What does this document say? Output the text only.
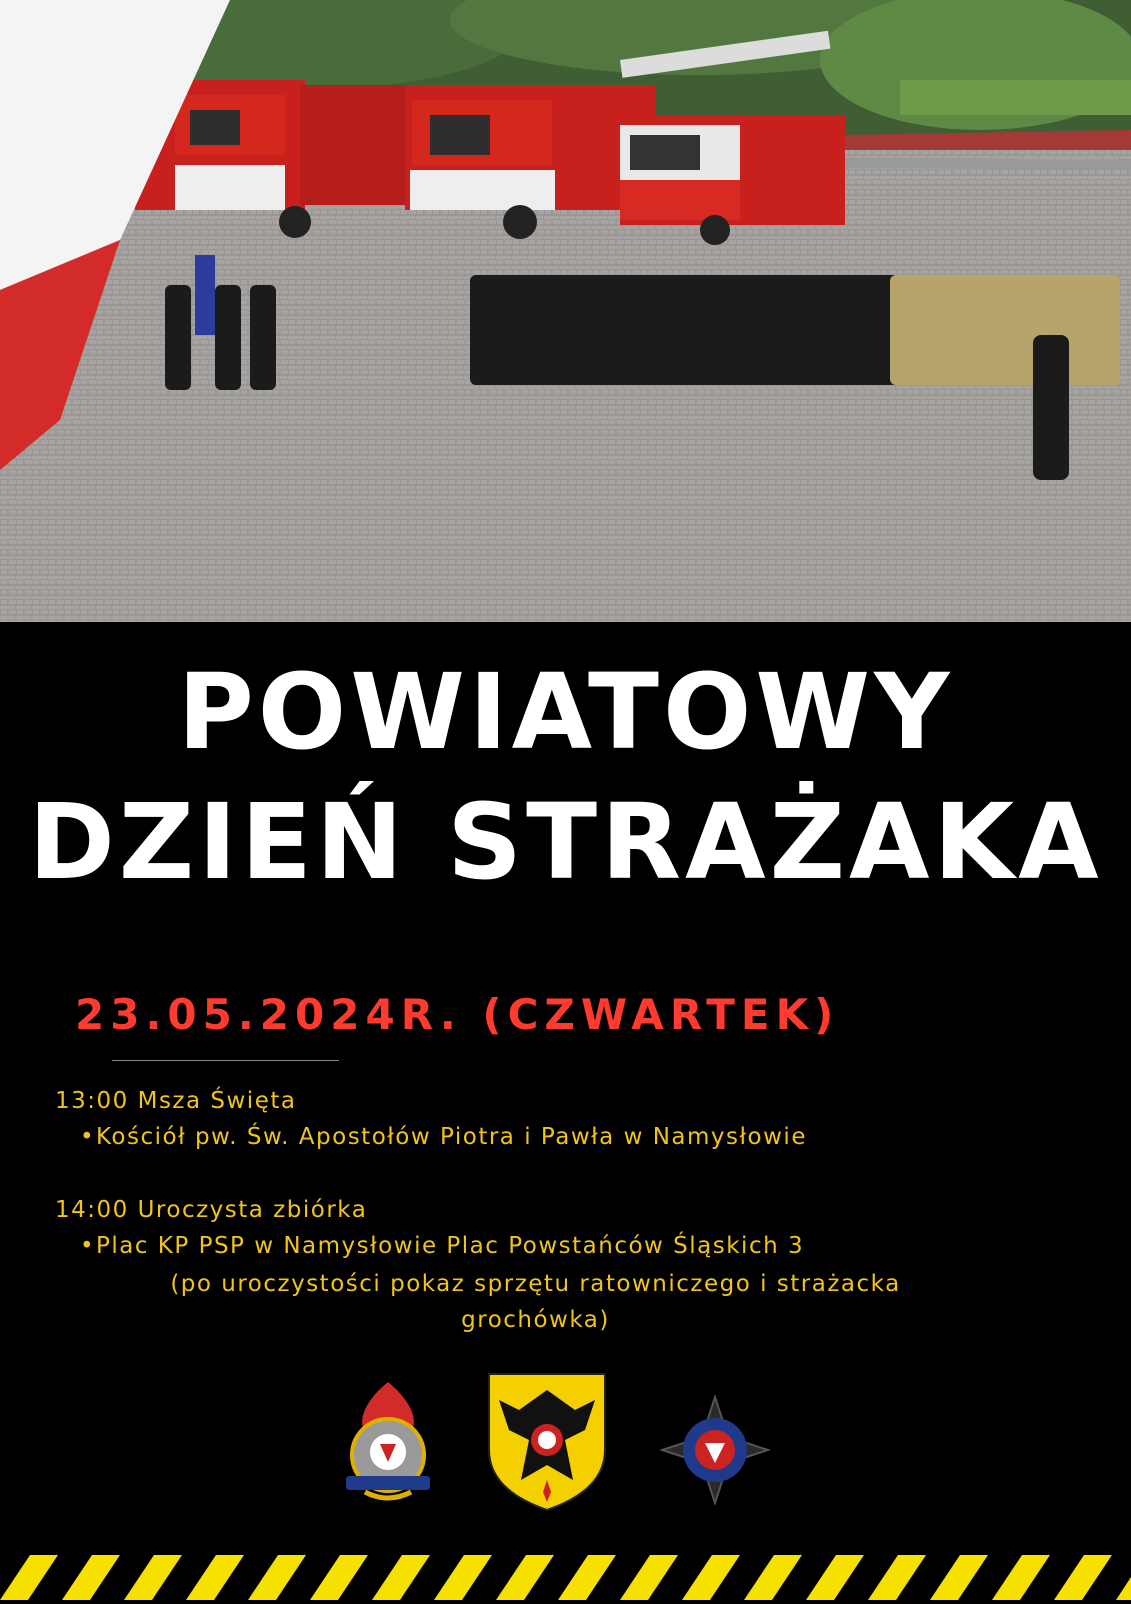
POWIATOWY
DZIEŃ STRAŻAKA
23.05.2024R. (CZWARTEK)
13:00 Msza Święta
•Kościół pw. Św. Apostołów Piotra i Pawła w Namysłowie
14:00 Uroczysta zbiórka
•Plac KP PSP w Namysłowie Plac Powstańców Śląskich 3
(po uroczystości pokaz sprzętu ratowniczego i strażacka grochówka)
